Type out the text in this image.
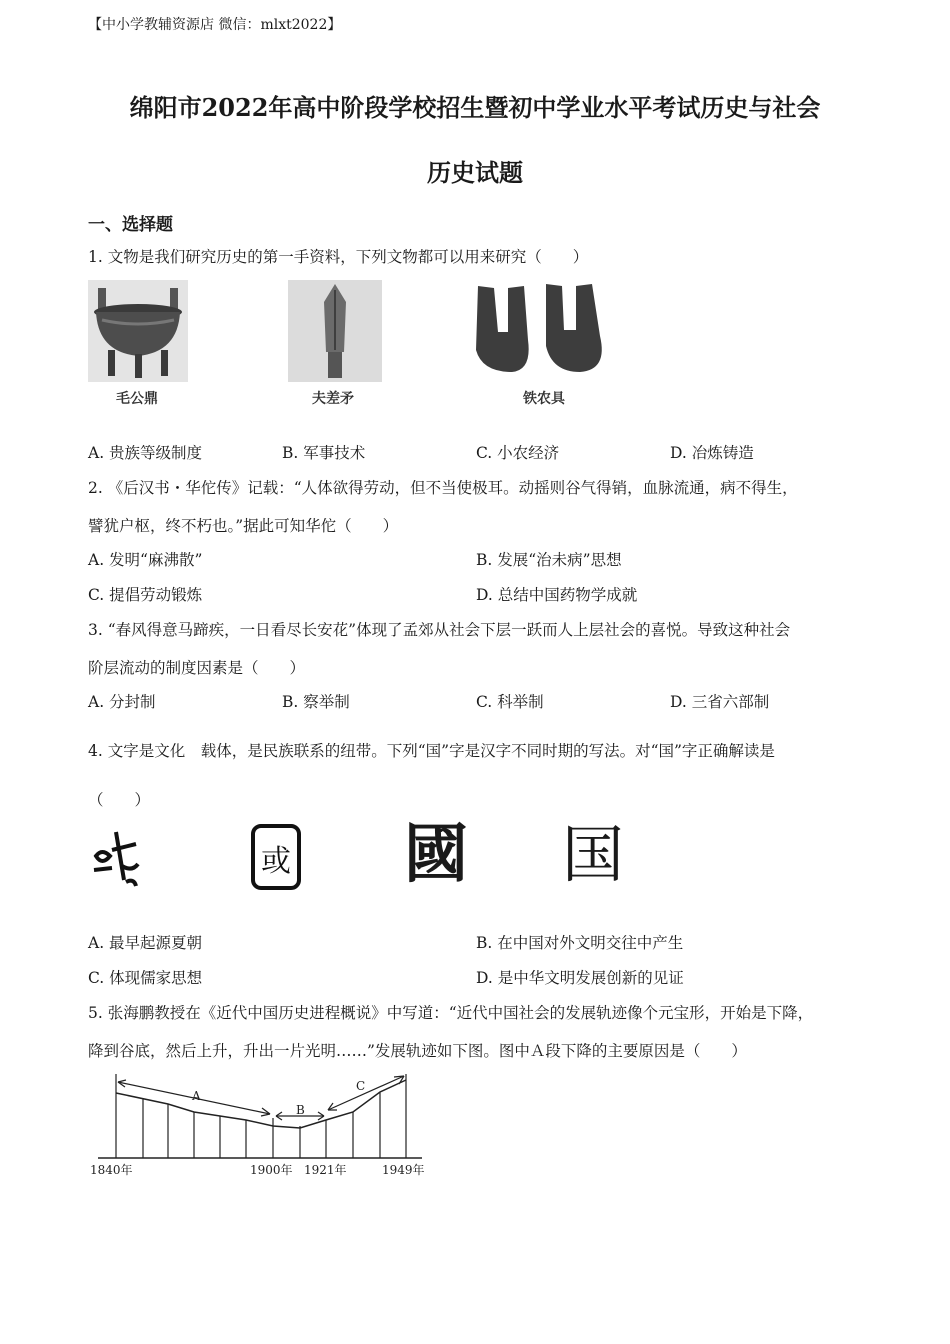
【中小学教辅资源店 微信：mlxt2022】
绵阳市2022年高中阶段学校招生暨初中学业水平考试历史与社会
历史试题
一、选择题
1. 文物是我们研究历史的第一手资料，下列文物都可以用来研究（　　）
毛公鼎	夫差矛	铁农具
A. 贵族等级制度	B. 军事技术	C. 小农经济	D. 冶炼铸造
2. 《后汉书・华佗传》记载：“人体欲得劳动，但不当使极耳。动摇则谷气得销，血脉流通，病不得生，
譬犹户枢，终不朽也。”据此可知华佗（　　）
A. 发明“麻沸散”	B. 发展“治未病”思想
C. 提倡劳动锻炼	D. 总结中国药物学成就
3. “春风得意马蹄疾，一日看尽长安花”体现了孟郊从社会下层一跃而人上层社会的喜悦。导致这种社会
阶层流动的制度因素是（　　）
A. 分封制	B. 察举制	C. 科举制	D. 三省六部制
4. 文字是文化　载体，是民族联系的纽带。下列“国”字是汉字不同时期的写法。对“国”字正确解读是
（　　）
或 國 国
A. 最早起源夏朝	B. 在中国对外文明交往中产生
C. 体现儒家思想	D. 是中华文明发展创新的见证
5. 张海鹏教授在《近代中国历史进程概说》中写道：“近代中国社会的发展轨迹像个元宝形，开始是下降，
降到谷底，然后上升，升出一片光明……”发展轨迹如下图。图中Ａ段下降的主要原因是（　　）
A
B
C
1840年	1900年 1921年	1949年
